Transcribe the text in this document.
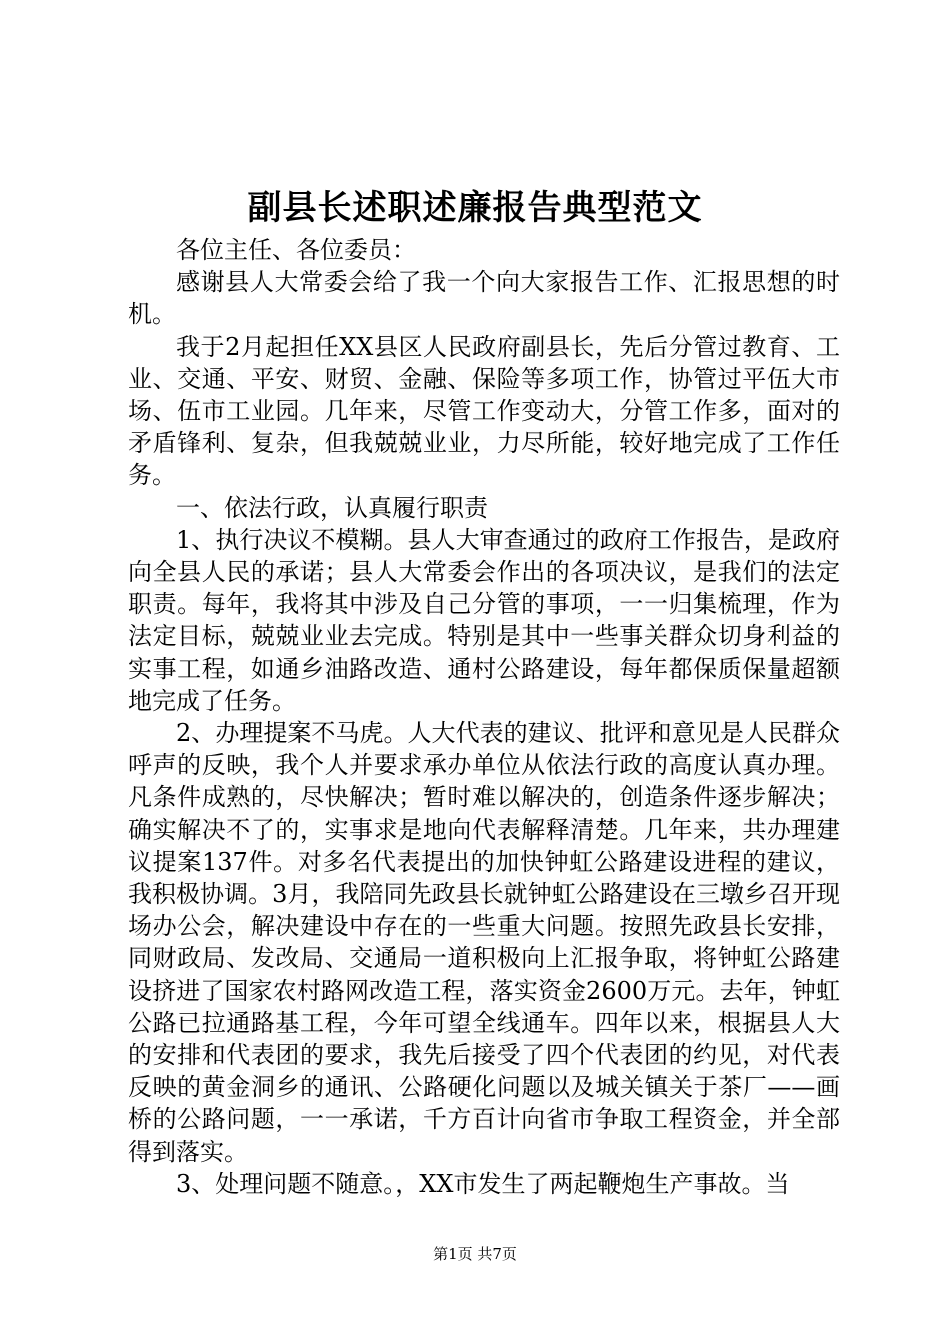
副县长述职述廉报告典型范文

各位主任、各位委员：

感谢县人大常委会给了我一个向大家报告工作、汇报思想的时机。

我于2月起担任XX县区人民政府副县长，先后分管过教育、工业、交通、平安、财贸、金融、保险等多项工作，协管过平伍大市场、伍市工业园。几年来，尽管工作变动大，分管工作多，面对的矛盾锋利、复杂，但我兢兢业业，力尽所能，较好地完成了工作任务。

一、依法行政，认真履行职责

1、执行决议不模糊。县人大审查通过的政府工作报告，是政府向全县人民的承诺；县人大常委会作出的各项决议，是我们的法定职责。每年，我将其中涉及自己分管的事项，一一归集梳理，作为法定目标，兢兢业业去完成。特别是其中一些事关群众切身利益的实事工程，如通乡油路改造、通村公路建设，每年都保质保量超额地完成了任务。

2、办理提案不马虎。人大代表的建议、批评和意见是人民群众呼声的反映，我个人并要求承办单位从依法行政的高度认真办理。凡条件成熟的，尽快解决；暂时难以解决的，创造条件逐步解决；确实解决不了的，实事求是地向代表解释清楚。几年来，共办理建议提案137件。对多名代表提出的加快钟虹公路建设进程的建议，我积极协调。3月，我陪同先政县长就钟虹公路建设在三墩乡召开现场办公会，解决建设中存在的一些重大问题。按照先政县长安排，同财政局、发改局、交通局一道积极向上汇报争取，将钟虹公路建设挤进了国家农村路网改造工程，落实资金2600万元。去年，钟虹公路已拉通路基工程，今年可望全线通车。四年以来，根据县人大的安排和代表团的要求，我先后接受了四个代表团的约见，对代表反映的黄金洞乡的通讯、公路硬化问题以及城关镇关于茶厂——画桥的公路问题，一一承诺，千方百计向省市争取工程资金，并全部得到落实。

3、处理问题不随意。，XX市发生了两起鞭炮生产事故。当

第1页 共7页
